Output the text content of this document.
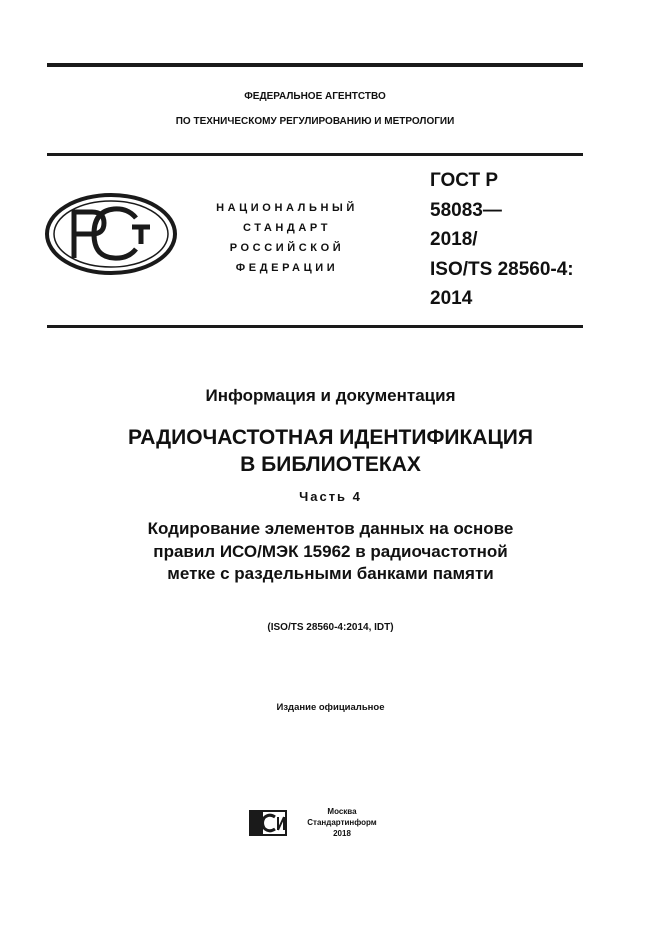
ФЕДЕРАЛЬНОЕ АГЕНТСТВО
ПО ТЕХНИЧЕСКОМУ РЕГУЛИРОВАНИЮ И МЕТРОЛОГИИ
НАЦИОНАЛЬНЫЙ
СТАНДАРТ
РОССИЙСКОЙ
ФЕДЕРАЦИИ
ГОСТ Р
58083—
2018/
ISO/TS 28560-4:
2014
Информация и документация
РАДИОЧАСТОТНАЯ ИДЕНТИФИКАЦИЯ
В БИБЛИОТЕКАХ
Часть 4
Кодирование элементов данных на основе
правил ИСО/МЭК 15962 в радиочастотной
метке с раздельными банками памяти
(ISO/TS 28560-4:2014, IDT)
Издание официальное
Москва
Стандартинформ
2018
